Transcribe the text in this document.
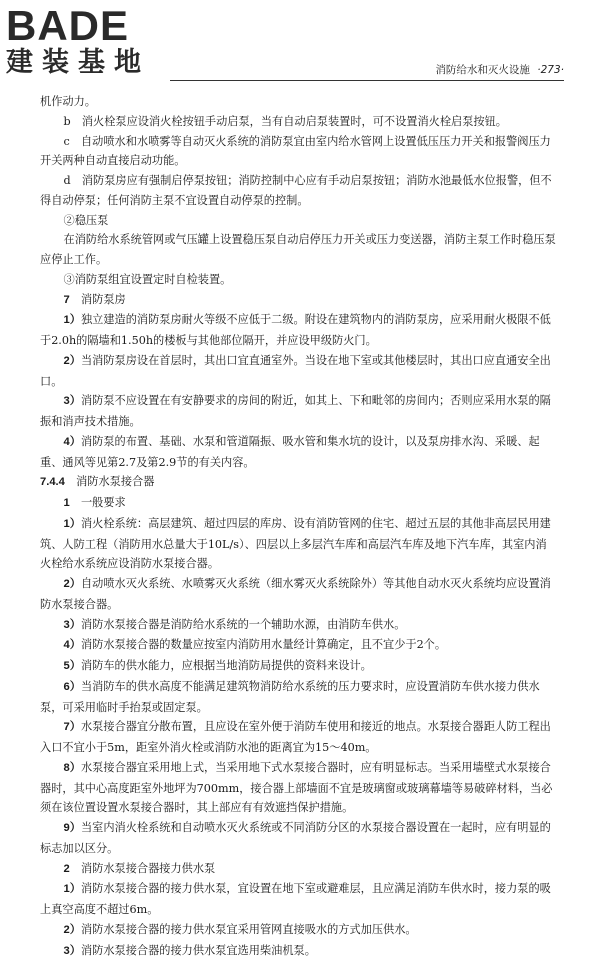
BADE
建装基地	消防给水和灭火设施 ·273·

机作动力。

b　消火栓泵应设消火栓按钮手动启泵，当有自动启泵装置时，可不设置消火栓启泵按钮。

c　自动喷水和水喷雾等自动灭火系统的消防泵宜由室内给水管网上设置低压压力开关和报警阀压力开关两种自动直接启动功能。

d　消防泵房应有强制启停泵按钮；消防控制中心应有手动启泵按钮；消防水池最低水位报警，但不得自动停泵；任何消防主泵不宜设置自动停泵的控制。

②稳压泵

在消防给水系统管网或气压罐上设置稳压泵自动启停压力开关或压力变送器，消防主泵工作时稳压泵应停止工作。

③消防泵组宜设置定时自检装置。

7　消防泵房

1）独立建造的消防泵房耐火等级不应低于二级。附设在建筑物内的消防泵房，应采用耐火极限不低于2.0h的隔墙和1.50h的楼板与其他部位隔开，并应设甲级防火门。

2）当消防泵房设在首层时，其出口宜直通室外。当设在地下室或其他楼层时，其出口应直通安全出口。

3）消防泵不应设置在有安静要求的房间的附近，如其上、下和毗邻的房间内；否则应采用水泵的隔振和消声技术措施。

4）消防泵的布置、基础、水泵和管道隔振、吸水管和集水坑的设计，以及泵房排水沟、采暖、起重、通风等见第2.7及第2.9节的有关内容。

7.4.4　消防水泵接合器

1　一般要求

1）消火栓系统：高层建筑、超过四层的库房、设有消防管网的住宅、超过五层的其他非高层民用建筑、人防工程（消防用水总量大于10L/s）、四层以上多层汽车库和高层汽车库及地下汽车库，其室内消火栓给水系统应设消防水泵接合器。

2）自动喷水灭火系统、水喷雾灭火系统（细水雾灭火系统除外）等其他自动水灭火系统均应设置消防水泵接合器。

3）消防水泵接合器是消防给水系统的一个辅助水源，由消防车供水。

4）消防水泵接合器的数量应按室内消防用水量经计算确定，且不宜少于2个。

5）消防车的供水能力，应根据当地消防局提供的资料来设计。

6）当消防车的供水高度不能满足建筑物消防给水系统的压力要求时，应设置消防车供水接力供水泵，可采用临时手抬泵或固定泵。

7）水泵接合器宜分散布置，且应设在室外便于消防车使用和接近的地点。水泵接合器距人防工程出入口不宜小于5m，距室外消火栓或消防水池的距离宜为15～40m。

8）水泵接合器宜采用地上式，当采用地下式水泵接合器时，应有明显标志。当采用墙壁式水泵接合器时，其中心高度距室外地坪为700mm，接合器上部墙面不宜是玻璃窗或玻璃幕墙等易破碎材料，当必须在该位置设置水泵接合器时，其上部应有有效遮挡保护措施。

9）当室内消火栓系统和自动喷水灭火系统或不同消防分区的水泵接合器设置在一起时，应有明显的标志加以区分。

2　消防水泵接合器接力供水泵

1）消防水泵接合器的接力供水泵，宜设置在地下室或避难层，且应满足消防车供水时，接力泵的吸上真空高度不超过6m。

2）消防水泵接合器的接力供水泵宜采用管网直接吸水的方式加压供水。

3）消防水泵接合器的接力供水泵宜选用柴油机泵。
